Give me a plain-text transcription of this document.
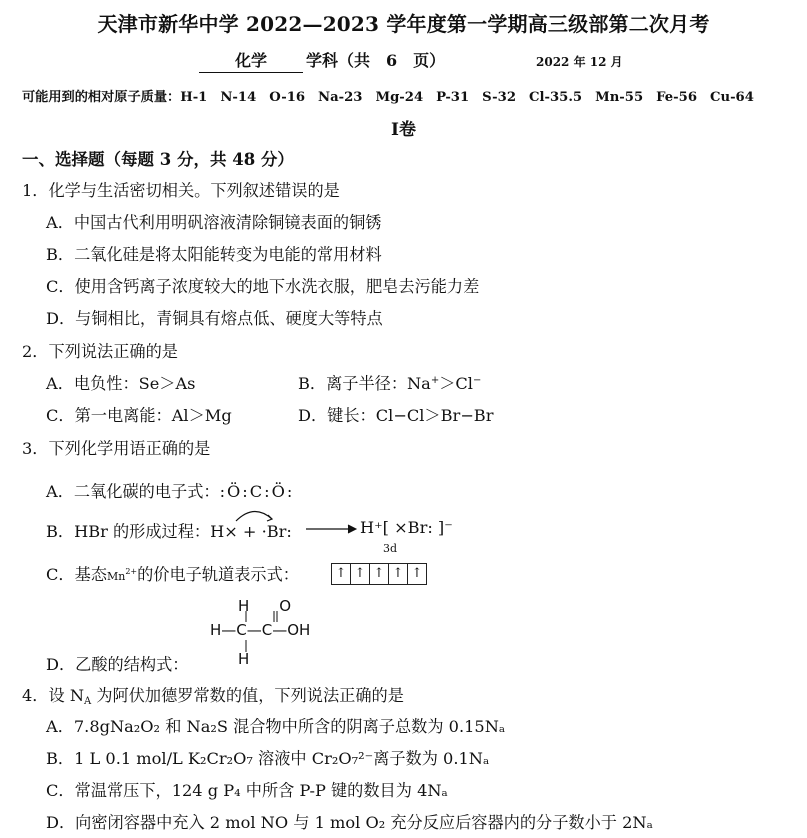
天津市新华中学 2022—2023 学年度第一学期高三级部第二次月考
化学	学科（共　6　页）	2022 年 12 月
可能用到的相对原子质量：H-1 N-14 O-16 Na-23 Mg-24 P-31 S-32 Cl-35.5 Mn-55 Fe-56 Cu-64
I卷
一、选择题（每题 3 分，共 48 分）
1．化学与生活密切相关。下列叙述错误的是
A．中国古代利用明矾溶液清除铜镜表面的铜锈
B．二氧化硅是将太阳能转变为电能的常用材料
C．使用含钙离子浓度较大的地下水洗衣服，肥皂去污能力差
D．与铜相比，青铜具有熔点低、硬度大等特点
2．下列说法正确的是
A．电负性：Se＞As	B．离子半径：Na+＞Cl−
C．第一电离能：Al＞Mg	D．键长：Cl−Cl＞Br−Br
3．下列化学用语正确的是
A．二氧化碳的电子式：:Ö:C:Ö:
B．HBr 的形成过程：H× + ·Br:	H⁺[ ×Br: ]⁻
3d
C．基态$Mn^{2+}$的价电子轨道表示式：	↑ ↑ ↑ ↑ ↑
H　　O
H—C—C—OH
D．乙酸的结构式：	H
4．设 $N_A$ 为阿伏加德罗常数的值，下列说法正确的是
A．7.8gNa₂O₂ 和 Na₂S 混合物中所含的阴离子总数为 0.15Nₐ
B．1 L 0.1 mol/L K₂Cr₂O₇ 溶液中 Cr₂O₇²⁻离子数为 0.1Nₐ
C．常温常压下，124 g P₄ 中所含 P-P 键的数目为 4Nₐ
D．向密闭容器中充入 2 mol NO 与 1 mol O₂ 充分反应后容器内的分子数小于 2Nₐ
